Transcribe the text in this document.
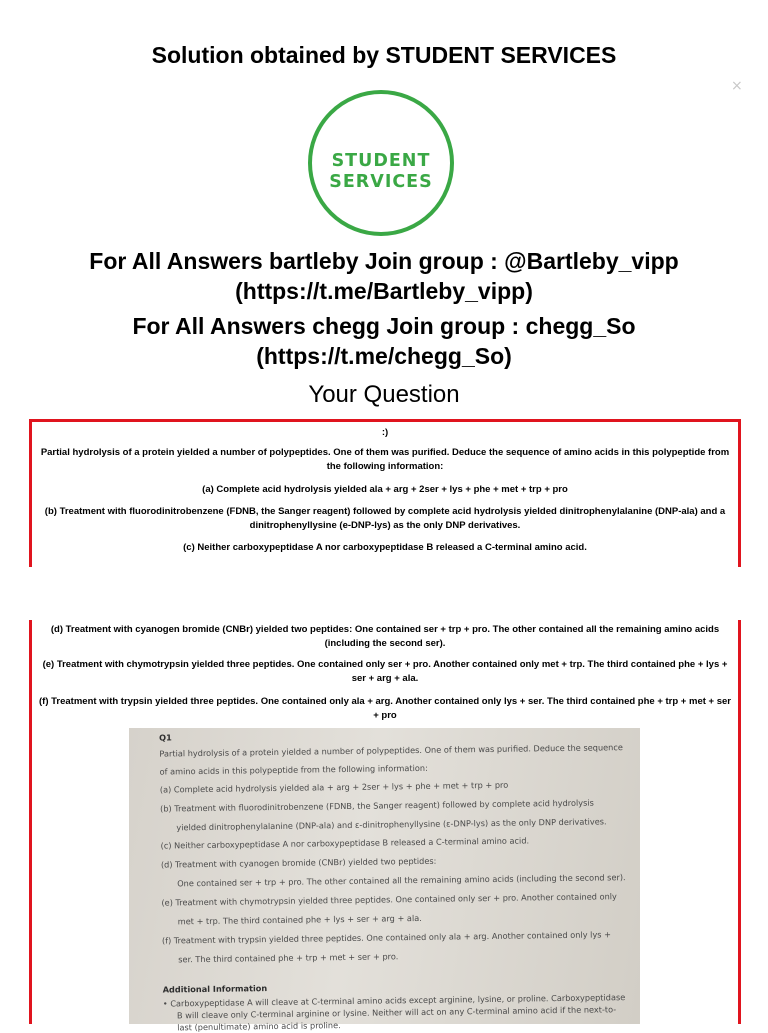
×
Solution obtained by STUDENT SERVICES
STUDENT
SERVICES
For All Answers bartleby Join group : @Bartleby_vipp
(https://t.me/Bartleby_vipp)
For All Answers chegg Join group : chegg_So
(https://t.me/chegg_So)
Your Question
:)
Partial hydrolysis of a protein yielded a number of polypeptides. One of them was purified. Deduce the sequence of amino acids in this polypeptide from the following information:
(a) Complete acid hydrolysis yielded ala + arg + 2ser + lys + phe + met + trp + pro
(b) Treatment with fluorodinitrobenzene (FDNB, the Sanger reagent) followed by complete acid hydrolysis yielded dinitrophenylalanine (DNP-ala) and a dinitrophenyllysine (e-DNP-lys) as the only DNP derivatives.
(c) Neither carboxypeptidase A nor carboxypeptidase B released a C-terminal amino acid.
(d) Treatment with cyanogen bromide (CNBr) yielded two peptides: One contained ser + trp + pro. The other contained all the remaining amino acids (including the second ser).
(e) Treatment with chymotrypsin yielded three peptides. One contained only ser + pro. Another contained only met + trp. The third contained phe + lys + ser + arg + ala.
(f) Treatment with trypsin yielded three peptides. One contained only ala + arg. Another contained only lys + ser. The third contained phe + trp + met + ser + pro
Q1
Partial hydrolysis of a protein yielded a number of polypeptides. One of them was purified. Deduce the sequence
of amino acids in this polypeptide from the following information:
(a) Complete acid hydrolysis yielded ala + arg + 2ser + lys + phe + met + trp + pro
(b) Treatment with fluorodinitrobenzene (FDNB, the Sanger reagent) followed by complete acid hydrolysis
yielded dinitrophenylalanine (DNP-ala) and ε-dinitrophenyllysine (ε-DNP-lys) as the only DNP derivatives.
(c) Neither carboxypeptidase A nor carboxypeptidase B released a C-terminal amino acid.
(d) Treatment with cyanogen bromide (CNBr) yielded two peptides:
One contained ser + trp + pro. The other contained all the remaining amino acids (including the second ser).
(e) Treatment with chymotrypsin yielded three peptides. One contained only ser + pro. Another contained only
met + trp. The third contained phe + lys + ser + arg + ala.
(f) Treatment with trypsin yielded three peptides. One contained only ala + arg. Another contained only lys +
ser. The third contained phe + trp + met + ser + pro.
Additional Information
• Carboxypeptidase A will cleave at C-terminal amino acids except arginine, lysine, or proline. Carboxypeptidase
B will cleave only C-terminal arginine or lysine. Neither will act on any C-terminal amino acid if the next-to-
last (penultimate) amino acid is proline.
